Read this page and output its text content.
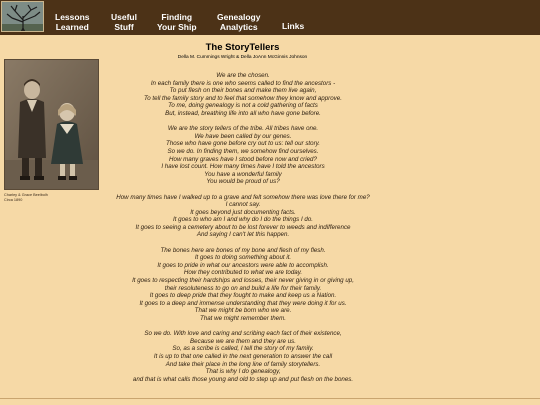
Lessons
Learned
Useful
Stuff
Finding
Your Ship
Genealogy
Analytics	Links
Charley & Grace Beelbolh
Circa 1890
The StoryTellers
Della M. Cummings Wright & Della JoAnn McGinnis Johnson
We are the chosen.
In each family there is one who seems called to find the ancestors -
To put flesh on their bones and make them live again,
To tell the family story and to feel that somehow they know and approve.
To me, doing genealogy is not a cold gathering of facts
But, instead, breathing life into all who have gone before.
We are the story tellers of the tribe. All tribes have one.
We have been called by our genes.
Those who have gone before cry out to us: tell our story.
So we do. In finding them, we somehow find ourselves.
How many graves have I stood before now and cried?
I have lost count. How many times have I told the ancestors
You have a wonderful family
You would be proud of us?
How many times have I walked up to a grave and felt somehow there was love there for me?
I cannot say.
It goes beyond just documenting facts.
It goes to who am I and why do I do the things I do.
It goes to seeing a cemetery about to be lost forever to weeds and indifference
And saying I can't let this happen.
The bones here are bones of my bone and flesh of my flesh.
It goes to doing something about it.
It goes to pride in what our ancestors were able to accomplish.
How they contributed to what we are today.
It goes to respecting their hardships and losses, their never giving in or giving up,
their resoluteness to go on and build a life for their family.
It goes to deep pride that they fought to make and keep us a Nation.
It goes to a deep and immense understanding that they were doing it for us.
That we might be born who we are.
That we might remember them.
So we do. With love and caring and scribing each fact of their existence,
Because we are them and they are us.
So, as a scribe is called, I tell the story of my family.
It is up to that one called in the next generation to answer the call
And take their place in the long line of family storytellers.
That is why I do genealogy,
and that is what calls those young and old to step up and put flesh on the bones.
